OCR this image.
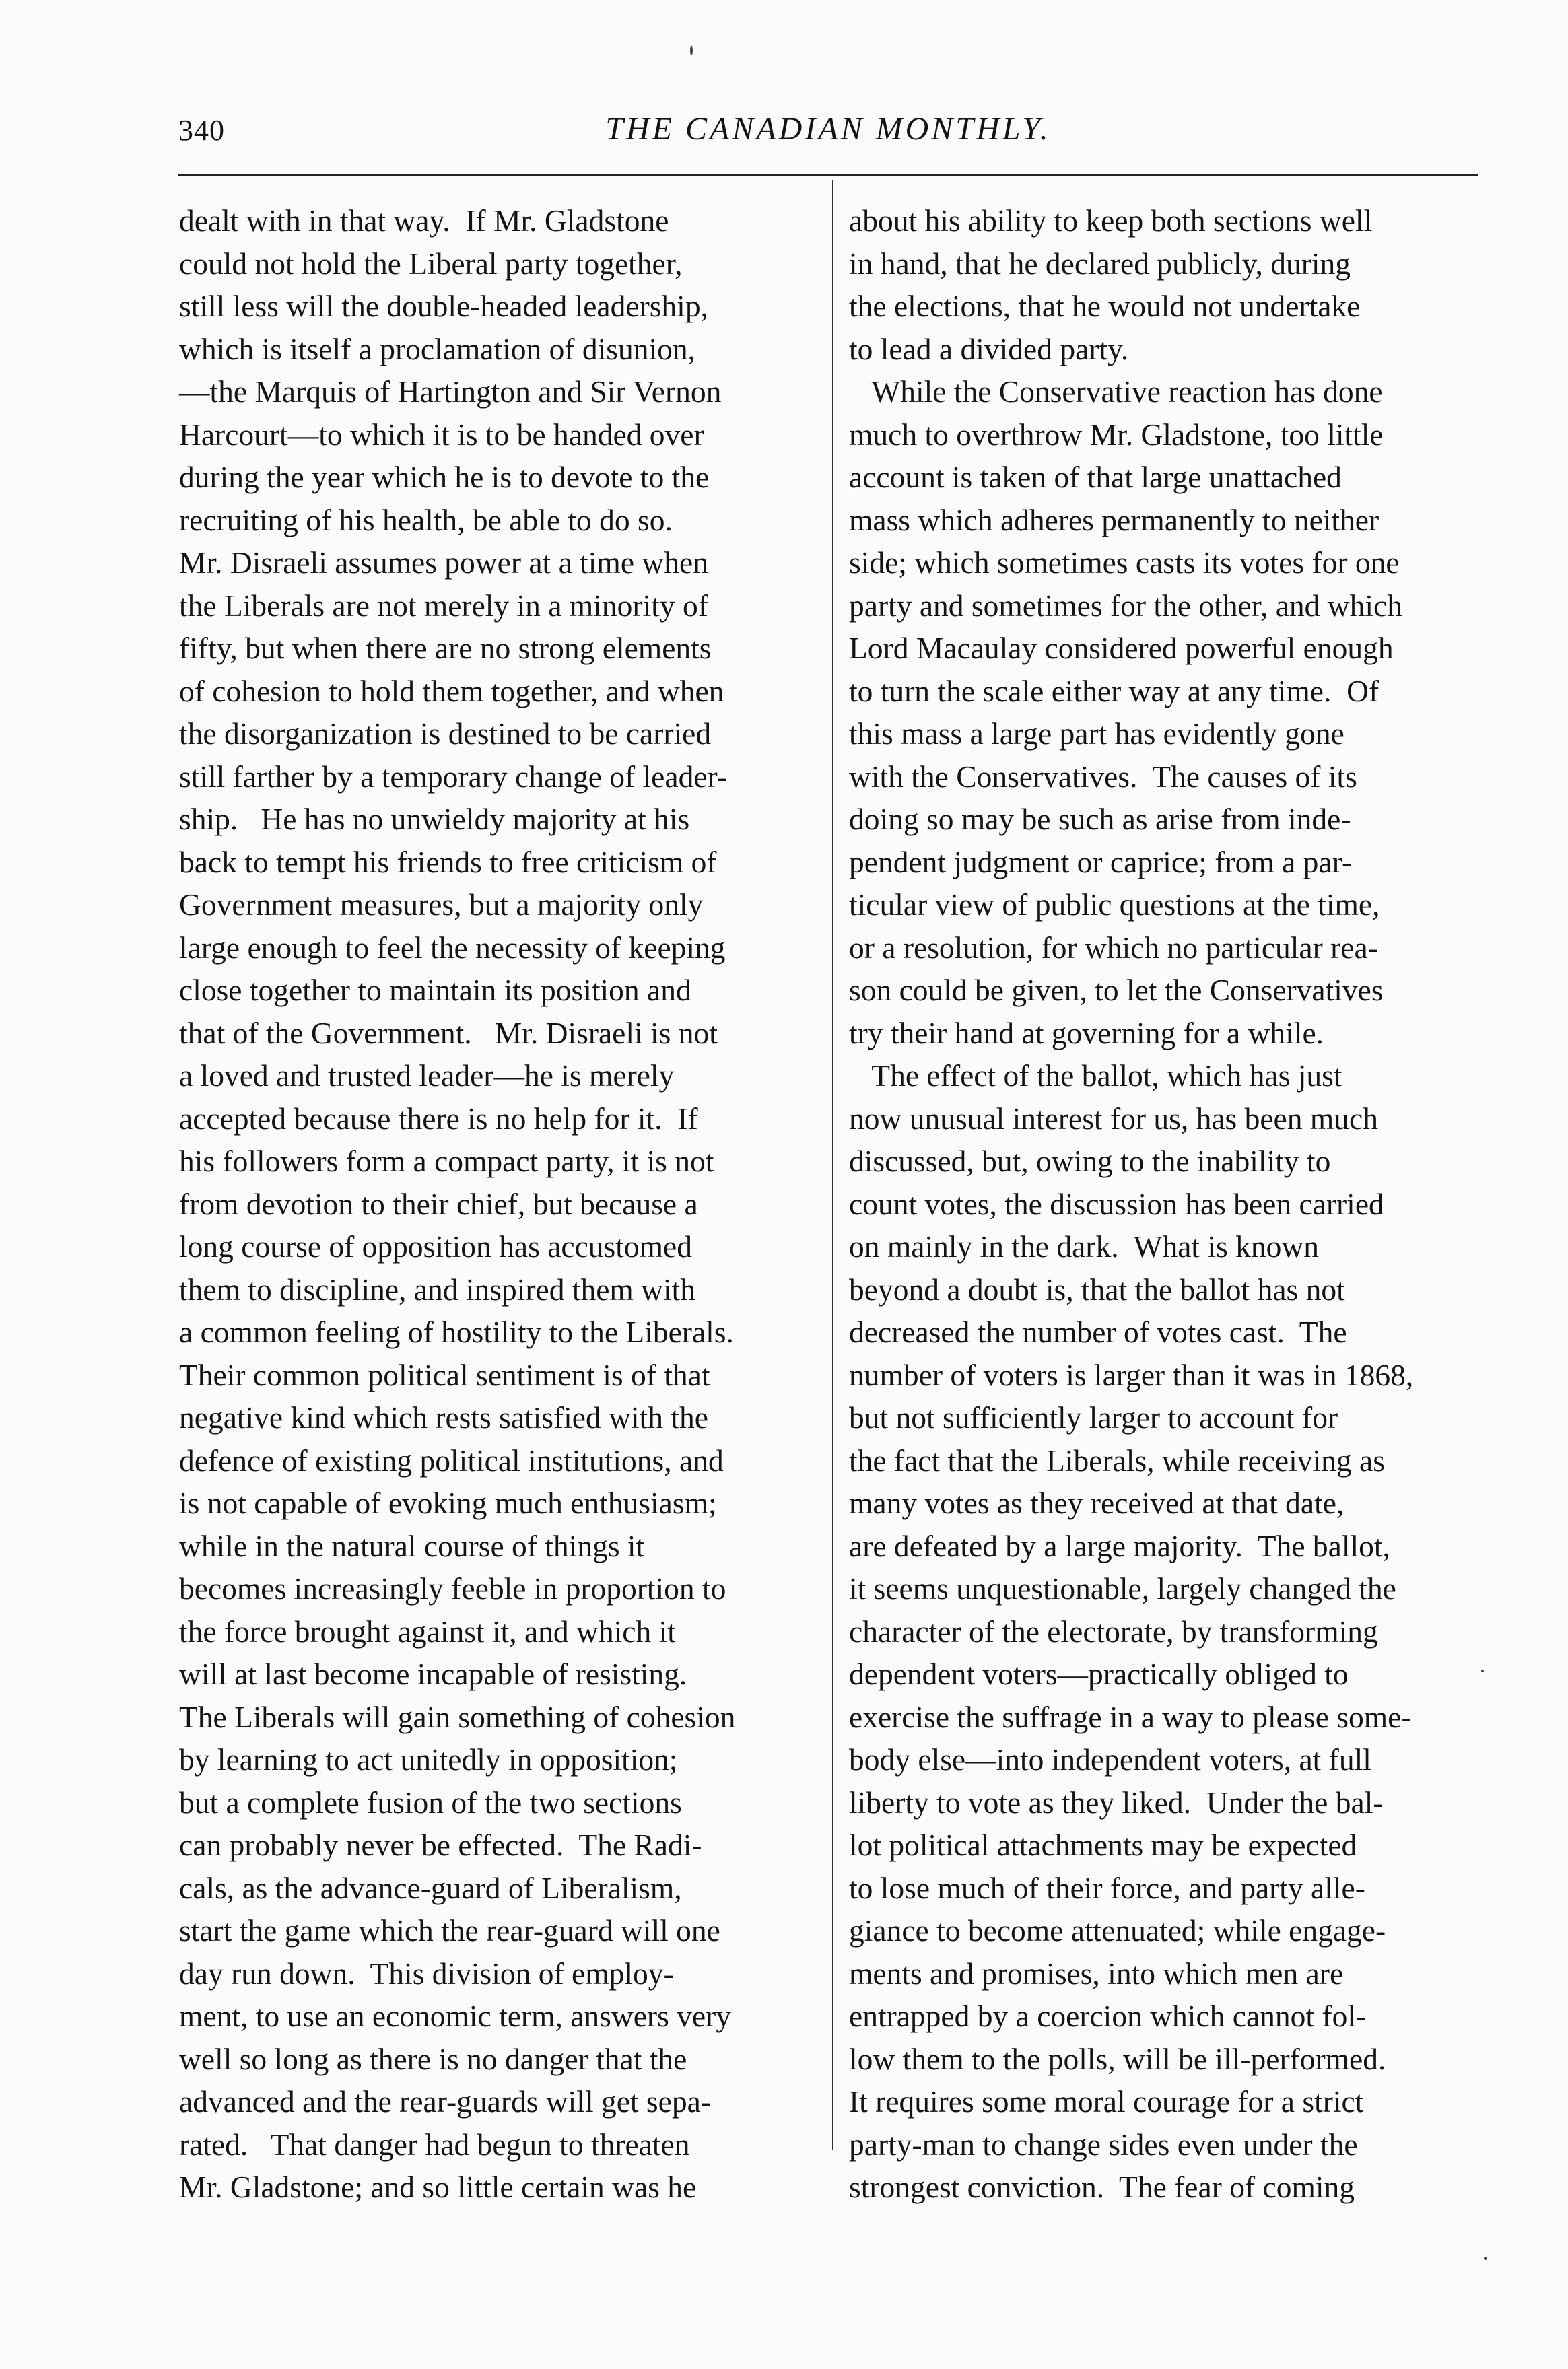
340	THE CANADIAN MONTHLY.

dealt with in that way.  If Mr. Gladstone

could not hold the Liberal party together,

still less will the double-headed leadership,

which is itself a proclamation of disunion,

—the Marquis of Hartington and Sir Vernon

Harcourt—to which it is to be handed over

during the year which he is to devote to the

recruiting of his health, be able to do so.

Mr. Disraeli assumes power at a time when

the Liberals are not merely in a minority of

fifty, but when there are no strong elements

of cohesion to hold them together, and when

the disorganization is destined to be carried

still farther by a temporary change of leader-

ship.   He has no unwieldy majority at his

back to tempt his friends to free criticism of

Government measures, but a majority only

large enough to feel the necessity of keeping

close together to maintain its position and

that of the Government.   Mr. Disraeli is not

a loved and trusted leader—he is merely

accepted because there is no help for it.  If

his followers form a compact party, it is not

from devotion to their chief, but because a

long course of opposition has accustomed

them to discipline, and inspired them with

a common feeling of hostility to the Liberals.

Their common political sentiment is of that

negative kind which rests satisfied with the

defence of existing political institutions, and

is not capable of evoking much enthusiasm;

while in the natural course of things it

becomes increasingly feeble in proportion to

the force brought against it, and which it

will at last become incapable of resisting.

The Liberals will gain something of cohesion

by learning to act unitedly in opposition;

but a complete fusion of the two sections

can probably never be effected.  The Radi-

cals, as the advance-guard of Liberalism,

start the game which the rear-guard will one

day run down.  This division of employ-

ment, to use an economic term, answers very

well so long as there is no danger that the

advanced and the rear-guards will get sepa-

rated.   That danger had begun to threaten

Mr. Gladstone; and so little certain was he

about his ability to keep both sections well

in hand, that he declared publicly, during

the elections, that he would not undertake

to lead a divided party.

While the Conservative reaction has done

much to overthrow Mr. Gladstone, too little

account is taken of that large unattached

mass which adheres permanently to neither

side; which sometimes casts its votes for one

party and sometimes for the other, and which

Lord Macaulay considered powerful enough

to turn the scale either way at any time.  Of

this mass a large part has evidently gone

with the Conservatives.  The causes of its

doing so may be such as arise from inde-

pendent judgment or caprice; from a par-

ticular view of public questions at the time,

or a resolution, for which no particular rea-

son could be given, to let the Conservatives

try their hand at governing for a while.

The effect of the ballot, which has just

now unusual interest for us, has been much

discussed, but, owing to the inability to

count votes, the discussion has been carried

on mainly in the dark.  What is known

beyond a doubt is, that the ballot has not

decreased the number of votes cast.  The

number of voters is larger than it was in 1868,

but not sufficiently larger to account for

the fact that the Liberals, while receiving as

many votes as they received at that date,

are defeated by a large majority.  The ballot,

it seems unquestionable, largely changed the

character of the electorate, by transforming

dependent voters—practically obliged to

exercise the suffrage in a way to please some-

body else—into independent voters, at full

liberty to vote as they liked.  Under the bal-

lot political attachments may be expected

to lose much of their force, and party alle-

giance to become attenuated; while engage-

ments and promises, into which men are

entrapped by a coercion which cannot fol-

low them to the polls, will be ill-performed.

It requires some moral courage for a strict

party-man to change sides even under the

strongest conviction.  The fear of coming
